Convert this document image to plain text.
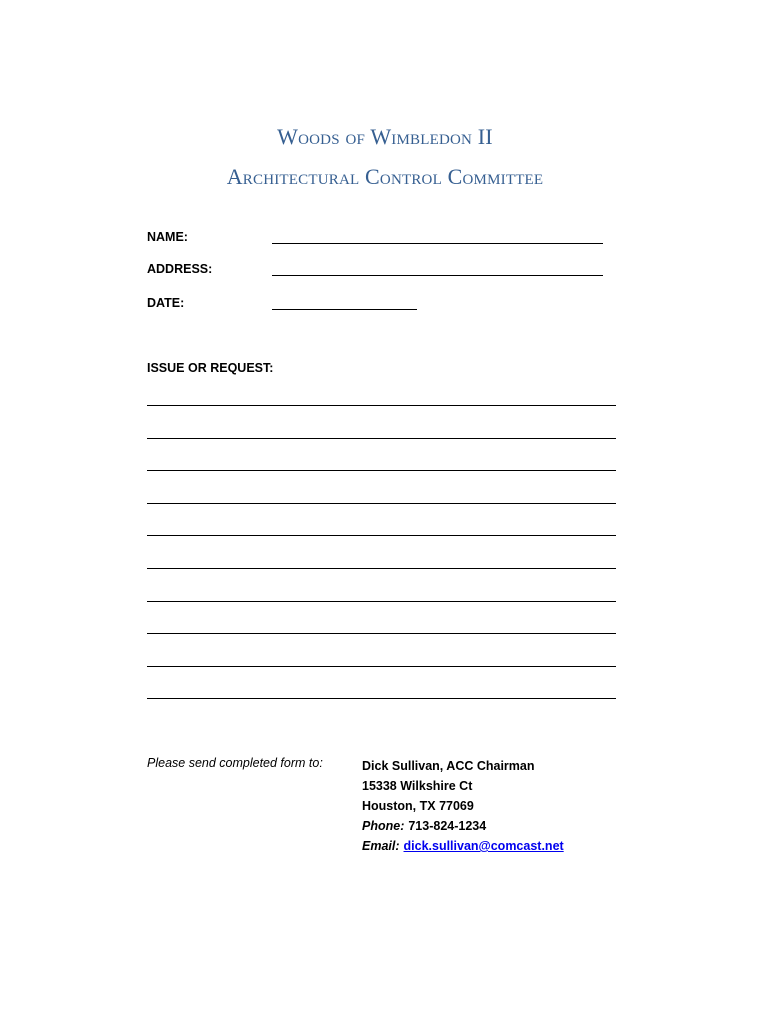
Woods of Wimbledon II
Architectural Control Committee
NAME:
ADDRESS:
DATE:
ISSUE OR REQUEST:
Please send completed form to:	Dick Sullivan, ACC Chairman
15338 Wilkshire Ct
Houston, TX 77069
Phone: 713-824-1234
Email: dick.sullivan@comcast.net
